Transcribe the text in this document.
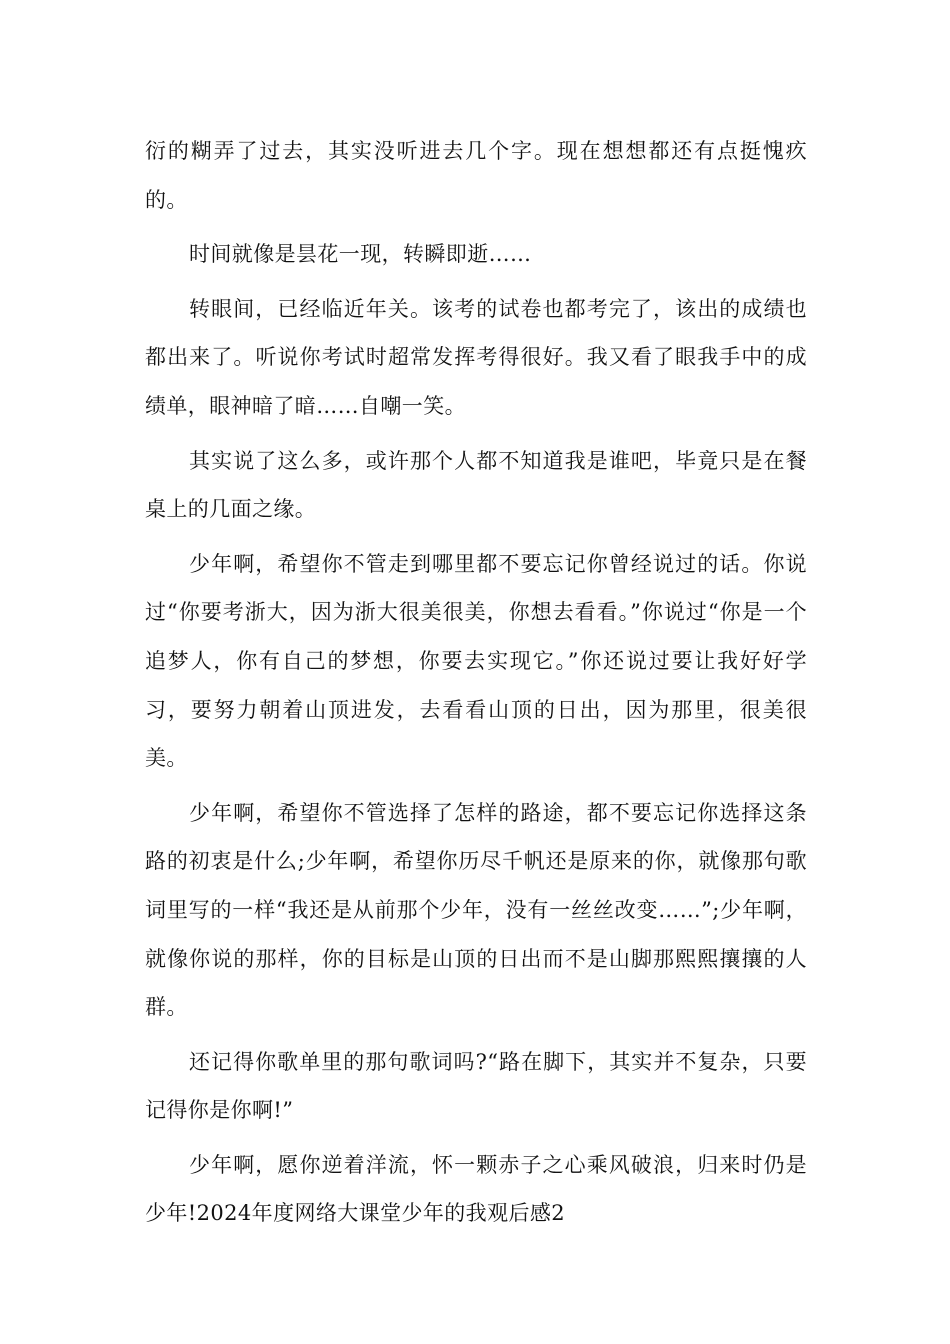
衍的糊弄了过去，其实没听进去几个字。现在想想都还有点挺愧疚的。

时间就像是昙花一现，转瞬即逝……

转眼间，已经临近年关。该考的试卷也都考完了，该出的成绩也都出来了。听说你考试时超常发挥考得很好。我又看了眼我手中的成绩单，眼神暗了暗……自嘲一笑。

其实说了这么多，或许那个人都不知道我是谁吧，毕竟只是在餐桌上的几面之缘。

少年啊，希望你不管走到哪里都不要忘记你曾经说过的话。你说过“你要考浙大，因为浙大很美很美，你想去看看。”你说过“你是一个追梦人，你有自己的梦想，你要去实现它。”你还说过要让我好好学习，要努力朝着山顶进发，去看看山顶的日出，因为那里，很美很美。

少年啊，希望你不管选择了怎样的路途，都不要忘记你选择这条路的初衷是什么;少年啊，希望你历尽千帆还是原来的你，就像那句歌词里写的一样“我还是从前那个少年，没有一丝丝改变……”;少年啊，就像你说的那样，你的目标是山顶的日出而不是山脚那熙熙攘攘的人群。

还记得你歌单里的那句歌词吗?“路在脚下，其实并不复杂，只要记得你是你啊!”

少年啊，愿你逆着洋流，怀一颗赤子之心乘风破浪，归来时仍是少年!2024年度网络大课堂少年的我观后感2
